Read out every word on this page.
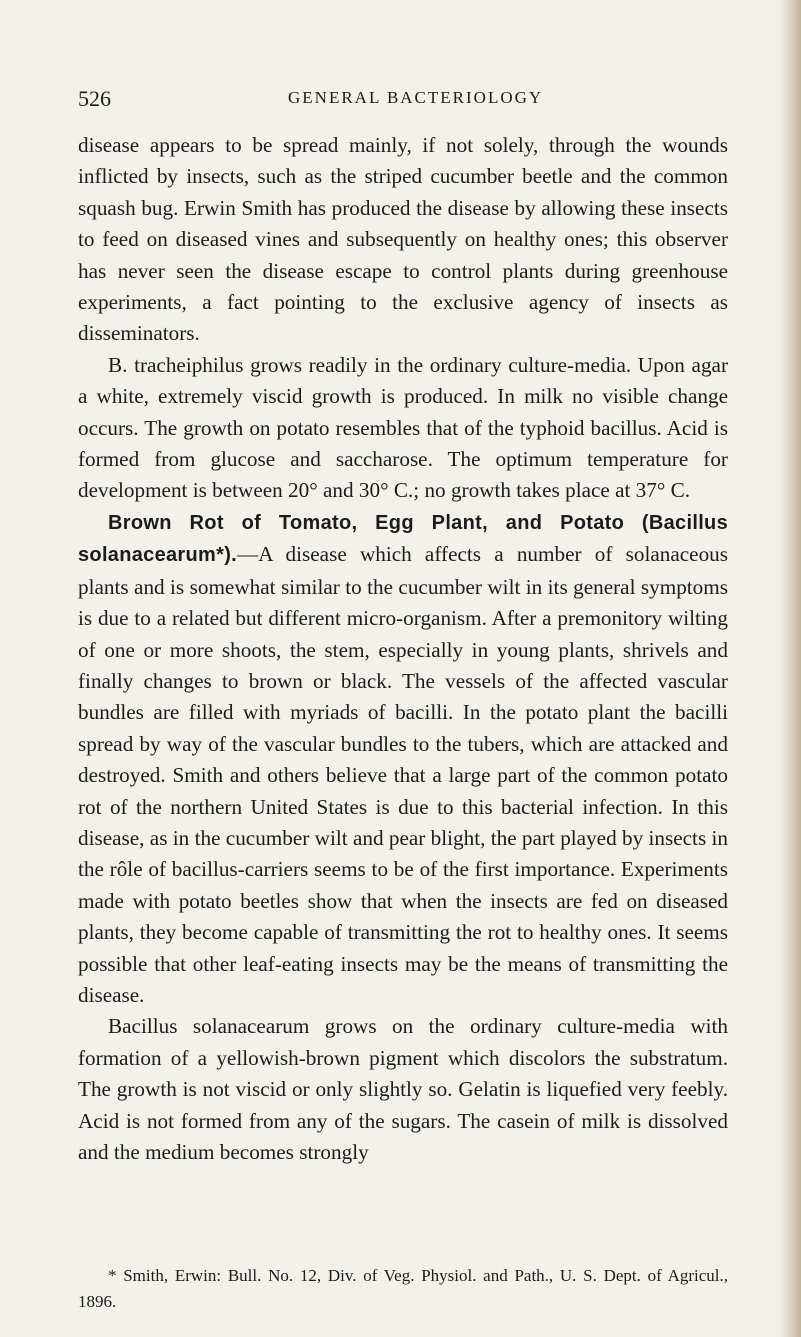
526	GENERAL BACTERIOLOGY

disease appears to be spread mainly, if not solely, through the wounds inflicted by insects, such as the striped cucumber beetle and the common squash bug. Erwin Smith has produced the disease by allowing these insects to feed on diseased vines and subsequently on healthy ones; this observer has never seen the disease escape to control plants during greenhouse experiments, a fact pointing to the exclusive agency of insects as disseminators.

B. tracheiphilus grows readily in the ordinary culture-media. Upon agar a white, extremely viscid growth is produced. In milk no visible change occurs. The growth on potato resembles that of the typhoid bacillus. Acid is formed from glucose and saccharose. The optimum temperature for development is between 20° and 30° C.; no growth takes place at 37° C.

Brown Rot of Tomato, Egg Plant, and Potato (Bacillus solanacearum*).—A disease which affects a number of solanaceous plants and is somewhat similar to the cucumber wilt in its general symptoms is due to a related but different micro-organism. After a premonitory wilting of one or more shoots, the stem, especially in young plants, shrivels and finally changes to brown or black. The vessels of the affected vascular bundles are filled with myriads of bacilli. In the potato plant the bacilli spread by way of the vascular bundles to the tubers, which are attacked and destroyed. Smith and others believe that a large part of the common potato rot of the northern United States is due to this bacterial infection. In this disease, as in the cucumber wilt and pear blight, the part played by insects in the rôle of bacillus-carriers seems to be of the first importance. Experiments made with potato beetles show that when the insects are fed on diseased plants, they become capable of transmitting the rot to healthy ones. It seems possible that other leaf-eating insects may be the means of transmitting the disease.

Bacillus solanacearum grows on the ordinary culture-media with formation of a yellowish-brown pigment which discolors the substratum. The growth is not viscid or only slightly so. Gelatin is liquefied very feebly. Acid is not formed from any of the sugars. The casein of milk is dissolved and the medium becomes strongly

* Smith, Erwin: Bull. No. 12, Div. of Veg. Physiol. and Path., U. S. Dept. of Agricul., 1896.
